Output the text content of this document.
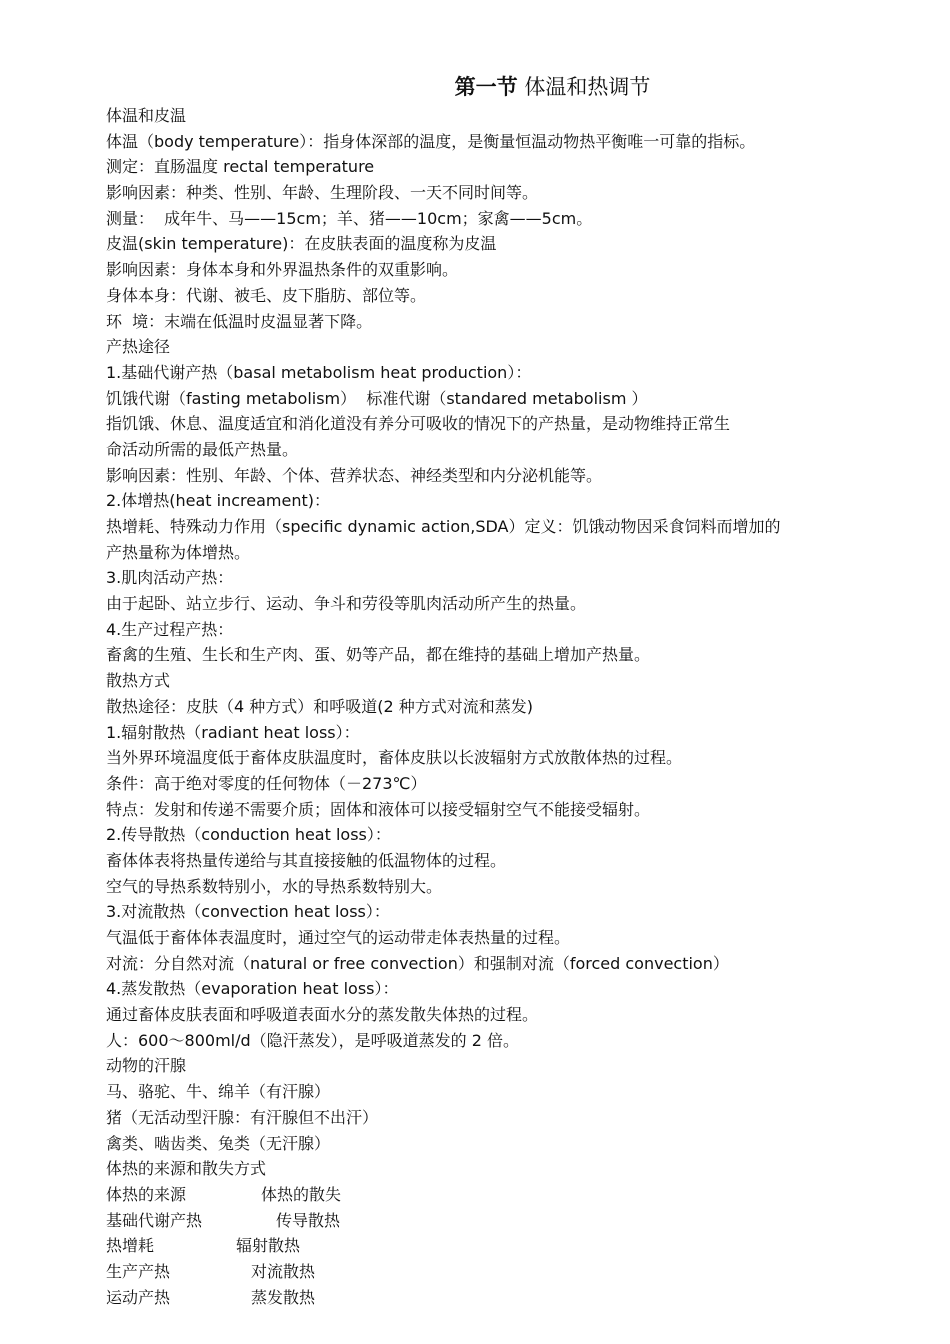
第一节 体温和热调节
体温和皮温
体温（body temperature）：指身体深部的温度，是衡量恒温动物热平衡唯一可靠的指标。
测定：直肠温度 rectal temperature
影响因素：种类、性别、年龄、生理阶段、一天不同时间等。
测量：  成年牛、马——15cm；羊、猪——10cm；家禽——5cm。
皮温(skin temperature)：在皮肤表面的温度称为皮温
影响因素：身体本身和外界温热条件的双重影响。
身体本身：代谢、被毛、皮下脂肪、部位等。
环  境：末端在低温时皮温显著下降。
产热途径
1.基础代谢产热（basal metabolism heat production）：
饥饿代谢（fasting metabolism）  标准代谢（standared metabolism ）
指饥饿、休息、温度适宜和消化道没有养分可吸收的情况下的产热量，是动物维持正常生
命活动所需的最低产热量。
影响因素：性别、年龄、个体、营养状态、神经类型和内分泌机能等。
2.体增热(heat increament)：
热增耗、特殊动力作用（specific dynamic action,SDA）定义：饥饿动物因采食饲料而增加的
产热量称为体增热。
3.肌肉活动产热：
由于起卧、站立步行、运动、争斗和劳役等肌肉活动所产生的热量。
4.生产过程产热：
畜禽的生殖、生长和生产肉、蛋、奶等产品，都在维持的基础上增加产热量。
散热方式
散热途径：皮肤（4 种方式）和呼吸道(2 种方式对流和蒸发)
1.辐射散热（radiant heat loss）：
当外界环境温度低于畜体皮肤温度时，畜体皮肤以长波辐射方式放散体热的过程。
条件：高于绝对零度的任何物体（－273℃）
特点：发射和传递不需要介质；固体和液体可以接受辐射空气不能接受辐射。
2.传导散热（conduction heat loss）：
畜体体表将热量传递给与其直接接触的低温物体的过程。
空气的导热系数特别小，水的导热系数特别大。
3.对流散热（convection heat loss）：
气温低于畜体体表温度时，通过空气的运动带走体表热量的过程。
对流：分自然对流（natural or free convection）和强制对流（forced convection）
4.蒸发散热（evaporation heat loss）：
通过畜体皮肤表面和呼吸道表面水分的蒸发散失体热的过程。
人：600～800ml/d（隐汗蒸发），是呼吸道蒸发的 2 倍。
动物的汗腺
马、骆驼、牛、绵羊（有汗腺）
猪（无活动型汗腺：有汗腺但不出汗）
禽类、啮齿类、兔类（无汗腺）
体热的来源和散失方式
体热的来源	体热的散失
基础代谢产热	传导散热
热增耗	辐射散热
生产产热	对流散热
运动产热	蒸发散热
